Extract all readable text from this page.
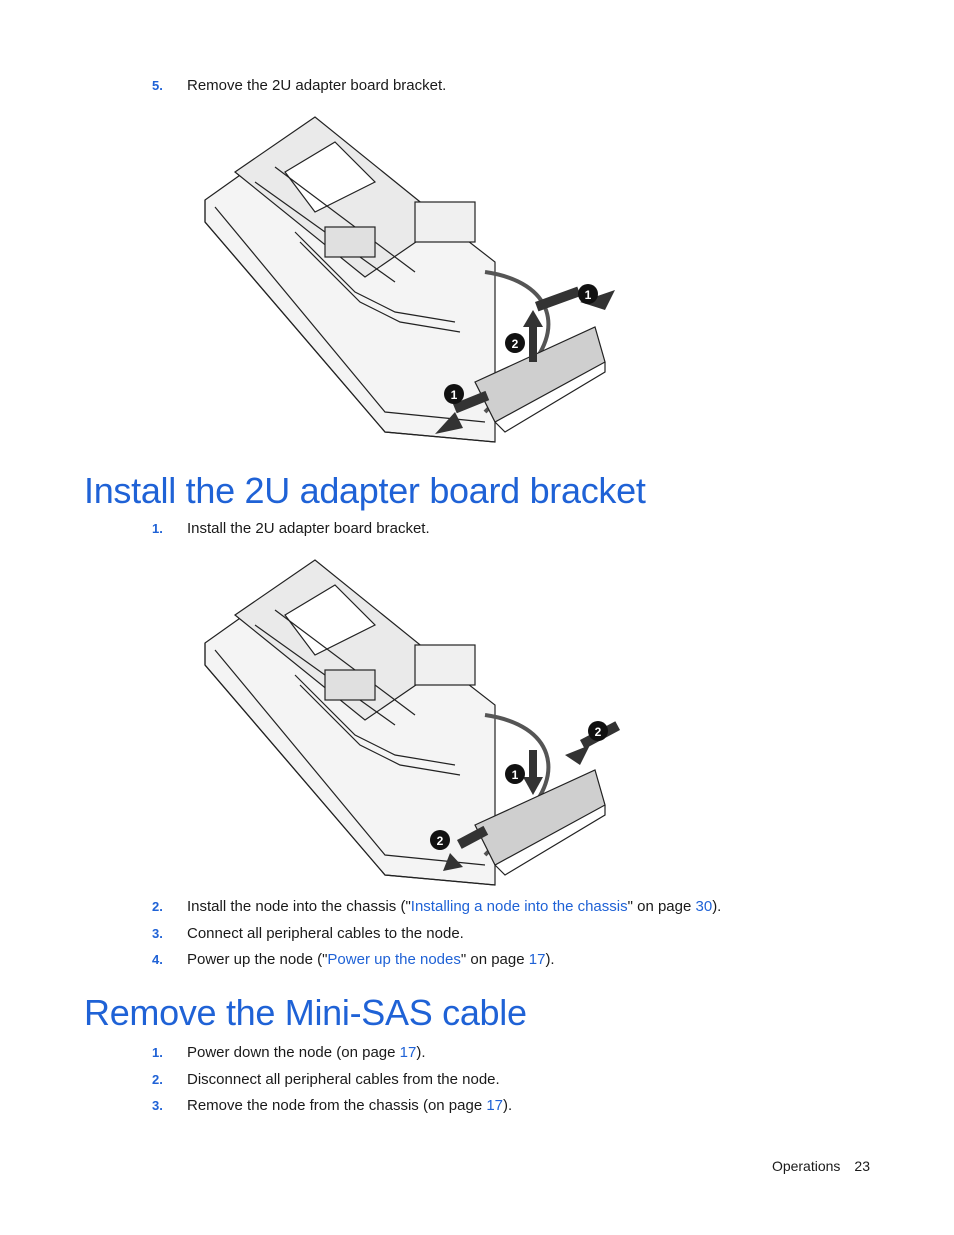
5. Remove the 2U adapter board bracket.
1
2
1
Install the 2U adapter board bracket
1. Install the 2U adapter board bracket.
2
1
2
2. Install the node into the chassis ("Installing a node into the chassis" on page 30).
3. Connect all peripheral cables to the node.
4. Power up the node ("Power up the nodes" on page 17).
Remove the Mini-SAS cable
1. Power down the node (on page 17).
2. Disconnect all peripheral cables from the node.
3. Remove the node from the chassis (on page 17).
Operations 23
